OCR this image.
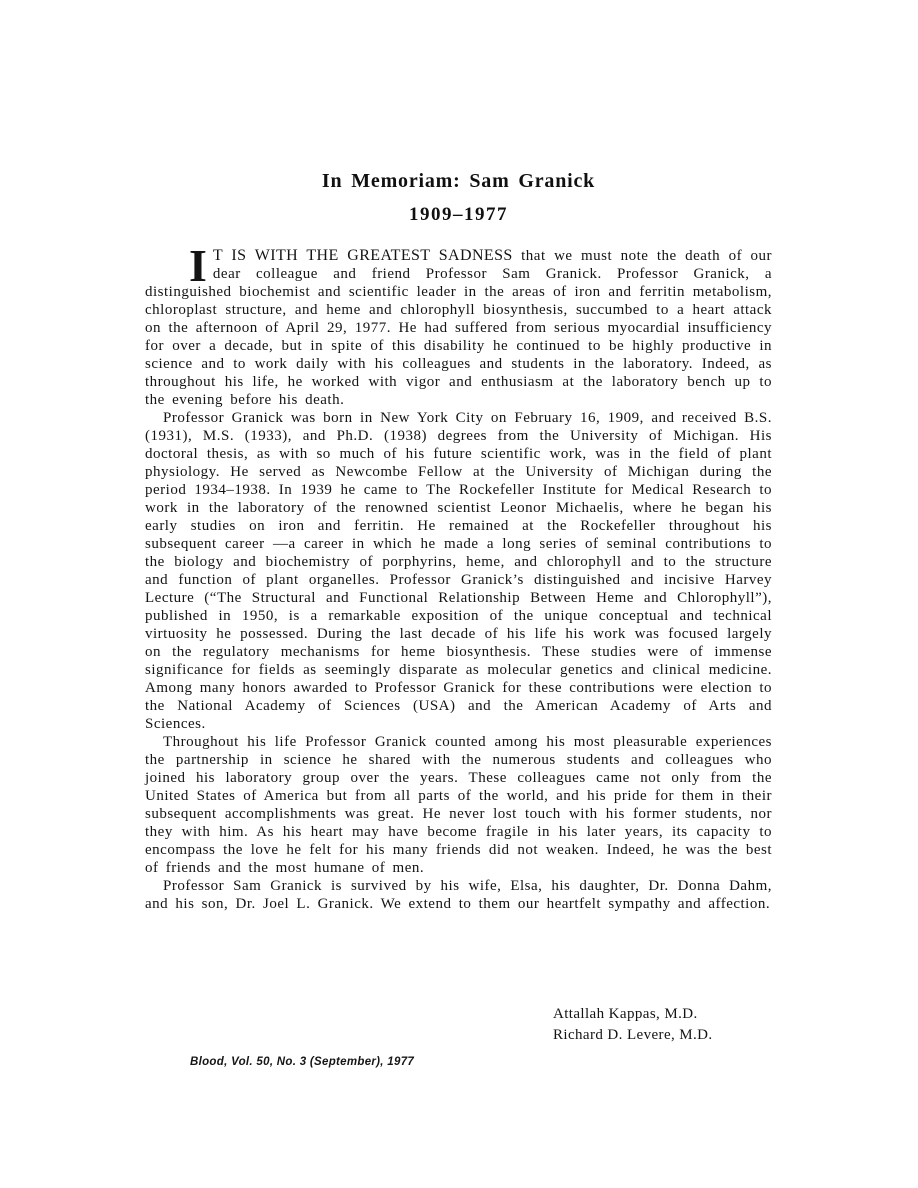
In Memoriam: Sam Granick
1909–1977

I T IS WITH THE GREATEST SADNESS that we must note the death of our dear colleague and friend Professor Sam Granick. Professor Granick, a distinguished biochemist and scientific leader in the areas of iron and ferritin metabolism, chloroplast structure, and heme and chlorophyll biosynthesis, succumbed to a heart attack on the afternoon of April 29, 1977. He had suffered from serious myocardial insufficiency for over a decade, but in spite of this disability he continued to be highly productive in science and to work daily with his colleagues and students in the laboratory. Indeed, as throughout his life, he worked with vigor and enthusiasm at the laboratory bench up to the evening before his death.

Professor Granick was born in New York City on February 16, 1909, and received B.S. (1931), M.S. (1933), and Ph.D. (1938) degrees from the University of Michigan. His doctoral thesis, as with so much of his future scientific work, was in the field of plant physiology. He served as Newcombe Fellow at the University of Michigan during the period 1934–1938. In 1939 he came to The Rockefeller Institute for Medical Research to work in the laboratory of the renowned scientist Leonor Michaelis, where he began his early studies on iron and ferritin. He remained at the Rockefeller throughout his subsequent career —a career in which he made a long series of seminal contributions to the biology and biochemistry of porphyrins, heme, and chlorophyll and to the structure and function of plant organelles. Professor Granick’s distinguished and incisive Harvey Lecture (“The Structural and Functional Relationship Between Heme and Chlorophyll”), published in 1950, is a remarkable exposition of the unique conceptual and technical virtuosity he possessed. During the last decade of his life his work was focused largely on the regulatory mechanisms for heme biosynthesis. These studies were of immense significance for fields as seemingly disparate as molecular genetics and clinical medicine. Among many honors awarded to Professor Granick for these contributions were election to the National Academy of Sciences (USA) and the American Academy of Arts and Sciences.

Throughout his life Professor Granick counted among his most pleasurable experiences the partnership in science he shared with the numerous students and colleagues who joined his laboratory group over the years. These colleagues came not only from the United States of America but from all parts of the world, and his pride for them in their subsequent accomplishments was great. He never lost touch with his former students, nor they with him. As his heart may have become fragile in his later years, its capacity to encompass the love he felt for his many friends did not weaken. Indeed, he was the best of friends and the most humane of men.

Professor Sam Granick is survived by his wife, Elsa, his daughter, Dr. Donna Dahm, and his son, Dr. Joel L. Granick. We extend to them our heartfelt sympathy and affection.

Attallah Kappas, M.D.
Richard D. Levere, M.D.
Blood, Vol. 50, No. 3 (September), 1977
